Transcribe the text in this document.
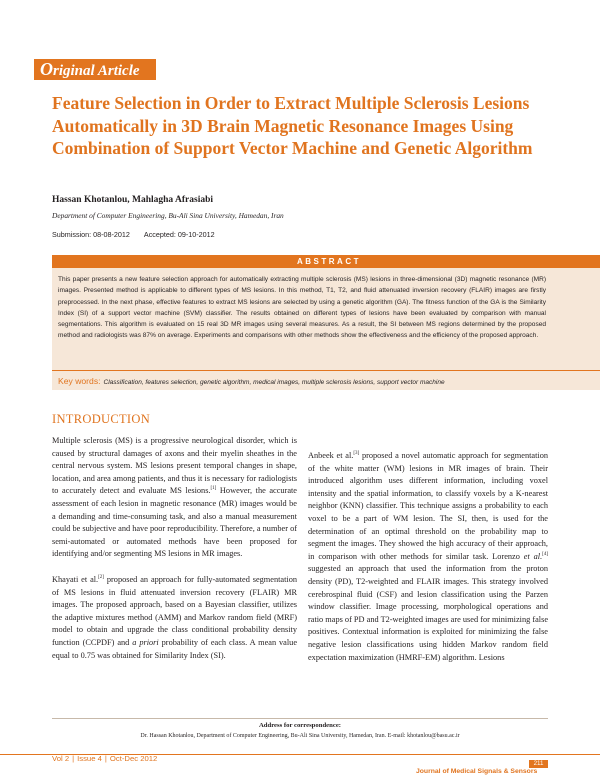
Original Article
Feature Selection in Order to Extract Multiple Sclerosis Lesions Automatically in 3D Brain Magnetic Resonance Images Using Combination of Support Vector Machine and Genetic Algorithm
Hassan Khotanlou, Mahlagha Afrasiabi
Department of Computer Engineering, Bu-Ali Sina University, Hamedan, Iran
Submission: 08-08-2012 Accepted: 09-10-2012
ABSTRACT
This paper presents a new feature selection approach for automatically extracting multiple sclerosis (MS) lesions in three-dimensional (3D) magnetic resonance (MR) images. Presented method is applicable to different types of MS lesions. In this method, T1, T2, and fluid attenuated inversion recovery (FLAIR) images are firstly preprocessed. In the next phase, effective features to extract MS lesions are selected by using a genetic algorithm (GA). The fitness function of the GA is the Similarity Index (SI) of a support vector machine (SVM) classifier. The results obtained on different types of lesions have been evaluated by comparison with manual segmentations. This algorithm is evaluated on 15 real 3D MR images using several measures. As a result, the SI between MS regions determined by the proposed method and radiologists was 87% on average. Experiments and comparisons with other methods show the effectiveness and the efficiency of the proposed approach.
Key words: Classification, features selection, genetic algorithm, medical images, multiple sclerosis lesions, support vector machine
INTRODUCTION

Multiple sclerosis (MS) is a progressive neurological disorder, which is caused by structural damages of axons and their myelin sheathes in the central nervous system. MS lesions present temporal changes in shape, location, and area among patients, and thus it is necessary for radiologists to accurately detect and evaluate MS lesions.[1] However, the accurate assessment of each lesion in magnetic resonance (MR) images would be a demanding and time-consuming task, and also a manual measurement could be subjective and have poor reproducibility. Therefore, a number of semi-automated or automated methods have been proposed for identifying and/or segmenting MS lesions in MR images.

Khayati et al.[2] proposed an approach for fully-automated segmentation of MS lesions in fluid attenuated inversion recovery (FLAIR) MR images. The proposed approach, based on a Bayesian classifier, utilizes the adaptive mixtures method (AMM) and Markov random field (MRF) model to obtain and upgrade the class conditional probability density function (CCPDF) and a priori probability of each class. A mean value equal to 0.75 was obtained for Similarity Index (SI).

Anbeek et al.[3] proposed a novel automatic approach for segmentation of the white matter (WM) lesions in MR images of brain. Their introduced algorithm uses different information, including voxel intensity and the spatial information, to classify voxels by a K-nearest neighbor (KNN) classifier. This technique assigns a probability to each voxel to be a part of WM lesion. The SI, then, is used for the determination of an optimal threshold on the probability map to segment the images. They showed the high accuracy of their approach, in comparison with other methods for similar task. Lorenzo et al.[4] suggested an approach that used the information from the proton density (PD), T2-weighted and FLAIR images. This strategy involved cerebrospinal fluid (CSF) and lesion classification using the Parzen window classifier. Image processing, morphological operations and ratio maps of PD and T2-weighted images are used for minimizing false positives. Contextual information is exploited for minimizing the false negative lesion classifications using hidden Markov random field expectation maximization (HMRF-EM) algorithm. Lesions

Address for correspondence:
Dr. Hassan Khotanlou, Department of Computer Engineering, Bu-Ali Sina University, Hamedan, Iran. E-mail: khotanlou@basu.ac.ir
Vol 2 | Issue 4 | Oct-Dec 2012
211
Journal of Medical Signals & Sensors
